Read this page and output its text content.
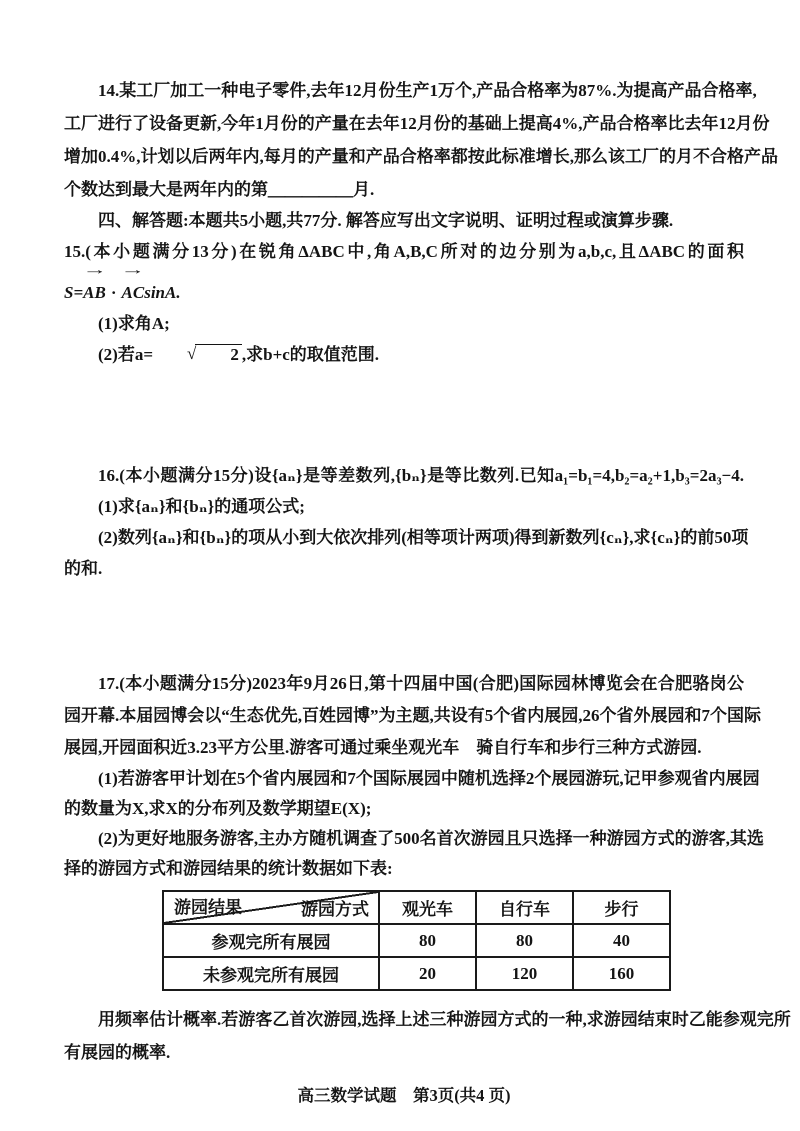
14.某工厂加工一种电子零件,去年12月份生产1万个,产品合格率为87%.为提高产品合格率,
工厂进行了设备更新,今年1月份的产量在去年12月份的基础上提高4%,产品合格率比去年12月份
增加0.4%,计划以后两年内,每月的产量和产品合格率都按此标准增长,那么该工厂的月不合格产品
个数达到最大是两年内的第＿＿＿＿＿月.
四、解答题:本题共5小题,共77分. 解答应写出文字说明、证明过程或演算步骤.
15.(本小题满分13分)在锐角ΔABC中,角A,B,C所对的边分别为a,b,c,且ΔABC的面积
S=
→
AB ·
→
ACsinA.
(1)求角A;
(2)若a= √ 2 ,求b+c的取值范围.
16.(本小题满分15分)设{aₙ}是等差数列,{bₙ}是等比数列.已知a₁=b₁=4,b₂=a₂+1,b₃=2a₃−4.
(1)求{aₙ}和{bₙ}的通项公式;
(2)数列{aₙ}和{bₙ}的项从小到大依次排列(相等项计两项)得到新数列{cₙ},求{cₙ}的前50项
的和.
17.(本小题满分15分)2023年9月26日,第十四届中国(合肥)国际园林博览会在合肥骆岗公
园开幕.本届园博会以“生态优先,百姓园博”为主题,共设有5个省内展园,26个省外展园和7个国际
展园,开园面积近3.23平方公里.游客可通过乘坐观光车　骑自行车和步行三种方式游园.
(1)若游客甲计划在5个省内展园和7个国际展园中随机选择2个展园游玩,记甲参观省内展园
的数量为X,求X的分布列及数学期望E(X);
(2)为更好地服务游客,主办方随机调查了500名首次游园且只选择一种游园方式的游客,其选
择的游园方式和游园结果的统计数据如下表:
游园方式
游园结果	观光车	自行车	步行
参观完所有展园	80	80	40
未参观完所有展园	20	120	160
用频率估计概率.若游客乙首次游园,选择上述三种游园方式的一种,求游园结束时乙能参观完所
有展园的概率.
高三数学试题　第3页(共4 页)
